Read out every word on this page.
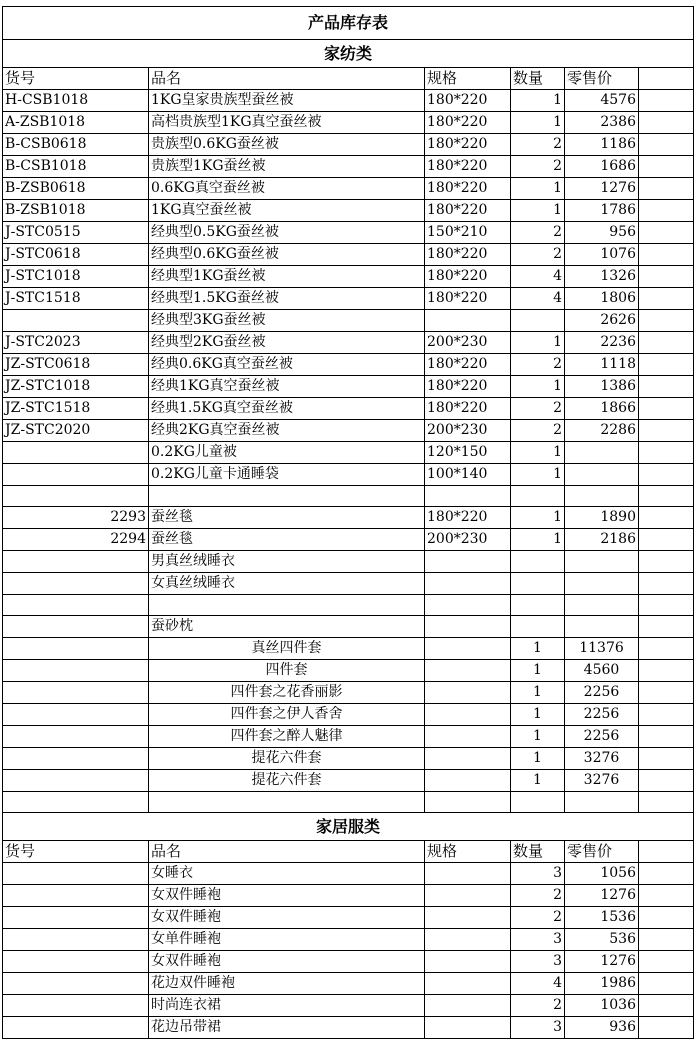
产品库存表					
家纺类					
货号	品名	规格	数量	零售价	
H-CSB1018	1KG皇家贵族型蚕丝被	180*220	1	4576	
A-ZSB1018	高档贵族型1KG真空蚕丝被	180*220	1	2386	
B-CSB0618	贵族型0.6KG蚕丝被	180*220	2	1186	
B-CSB1018	贵族型1KG蚕丝被	180*220	2	1686	
B-ZSB0618	0.6KG真空蚕丝被	180*220	1	1276	
B-ZSB1018	1KG真空蚕丝被	180*220	1	1786	
J-STC0515	经典型0.5KG蚕丝被	150*210	2	956	
J-STC0618	经典型0.6KG蚕丝被	180*220	2	1076	
J-STC1018	经典型1KG蚕丝被	180*220	4	1326	
J-STC1518	经典型1.5KG蚕丝被	180*220	4	1806	
	经典型3KG蚕丝被			2626	
J-STC2023	经典型2KG蚕丝被	200*230	1	2236	
JZ-STC0618	经典0.6KG真空蚕丝被	180*220	2	1118	
JZ-STC1018	经典1KG真空蚕丝被	180*220	1	1386	
JZ-STC1518	经典1.5KG真空蚕丝被	180*220	2	1866	
JZ-STC2020	经典2KG真空蚕丝被	200*230	2	2286	
	0.2KG儿童被	120*150	1		
	0.2KG儿童卡通睡袋	100*140	1		

2293	蚕丝毯	180*220	1	1890	
2294	蚕丝毯	200*230	1	2186	
	男真丝绒睡衣				
	女真丝绒睡衣				

	蚕砂枕				
	真丝四件套		1	11376	
	四件套		1	4560	
	四件套之花香丽影		1	2256	
	四件套之伊人香舍		1	2256	
	四件套之醉人魅律		1	2256	
	提花六件套		1	3276	
	提花六件套		1	3276	

家居服类					
货号	品名	规格	数量	零售价	
	女睡衣		3	1056	
	女双件睡袍		2	1276	
	女双件睡袍		2	1536	
	女单件睡袍		3	536	
	女双件睡袍		3	1276	
	花边双件睡袍		4	1986	
	时尚连衣裙		2	1036	
	花边吊带裙		3	936	
